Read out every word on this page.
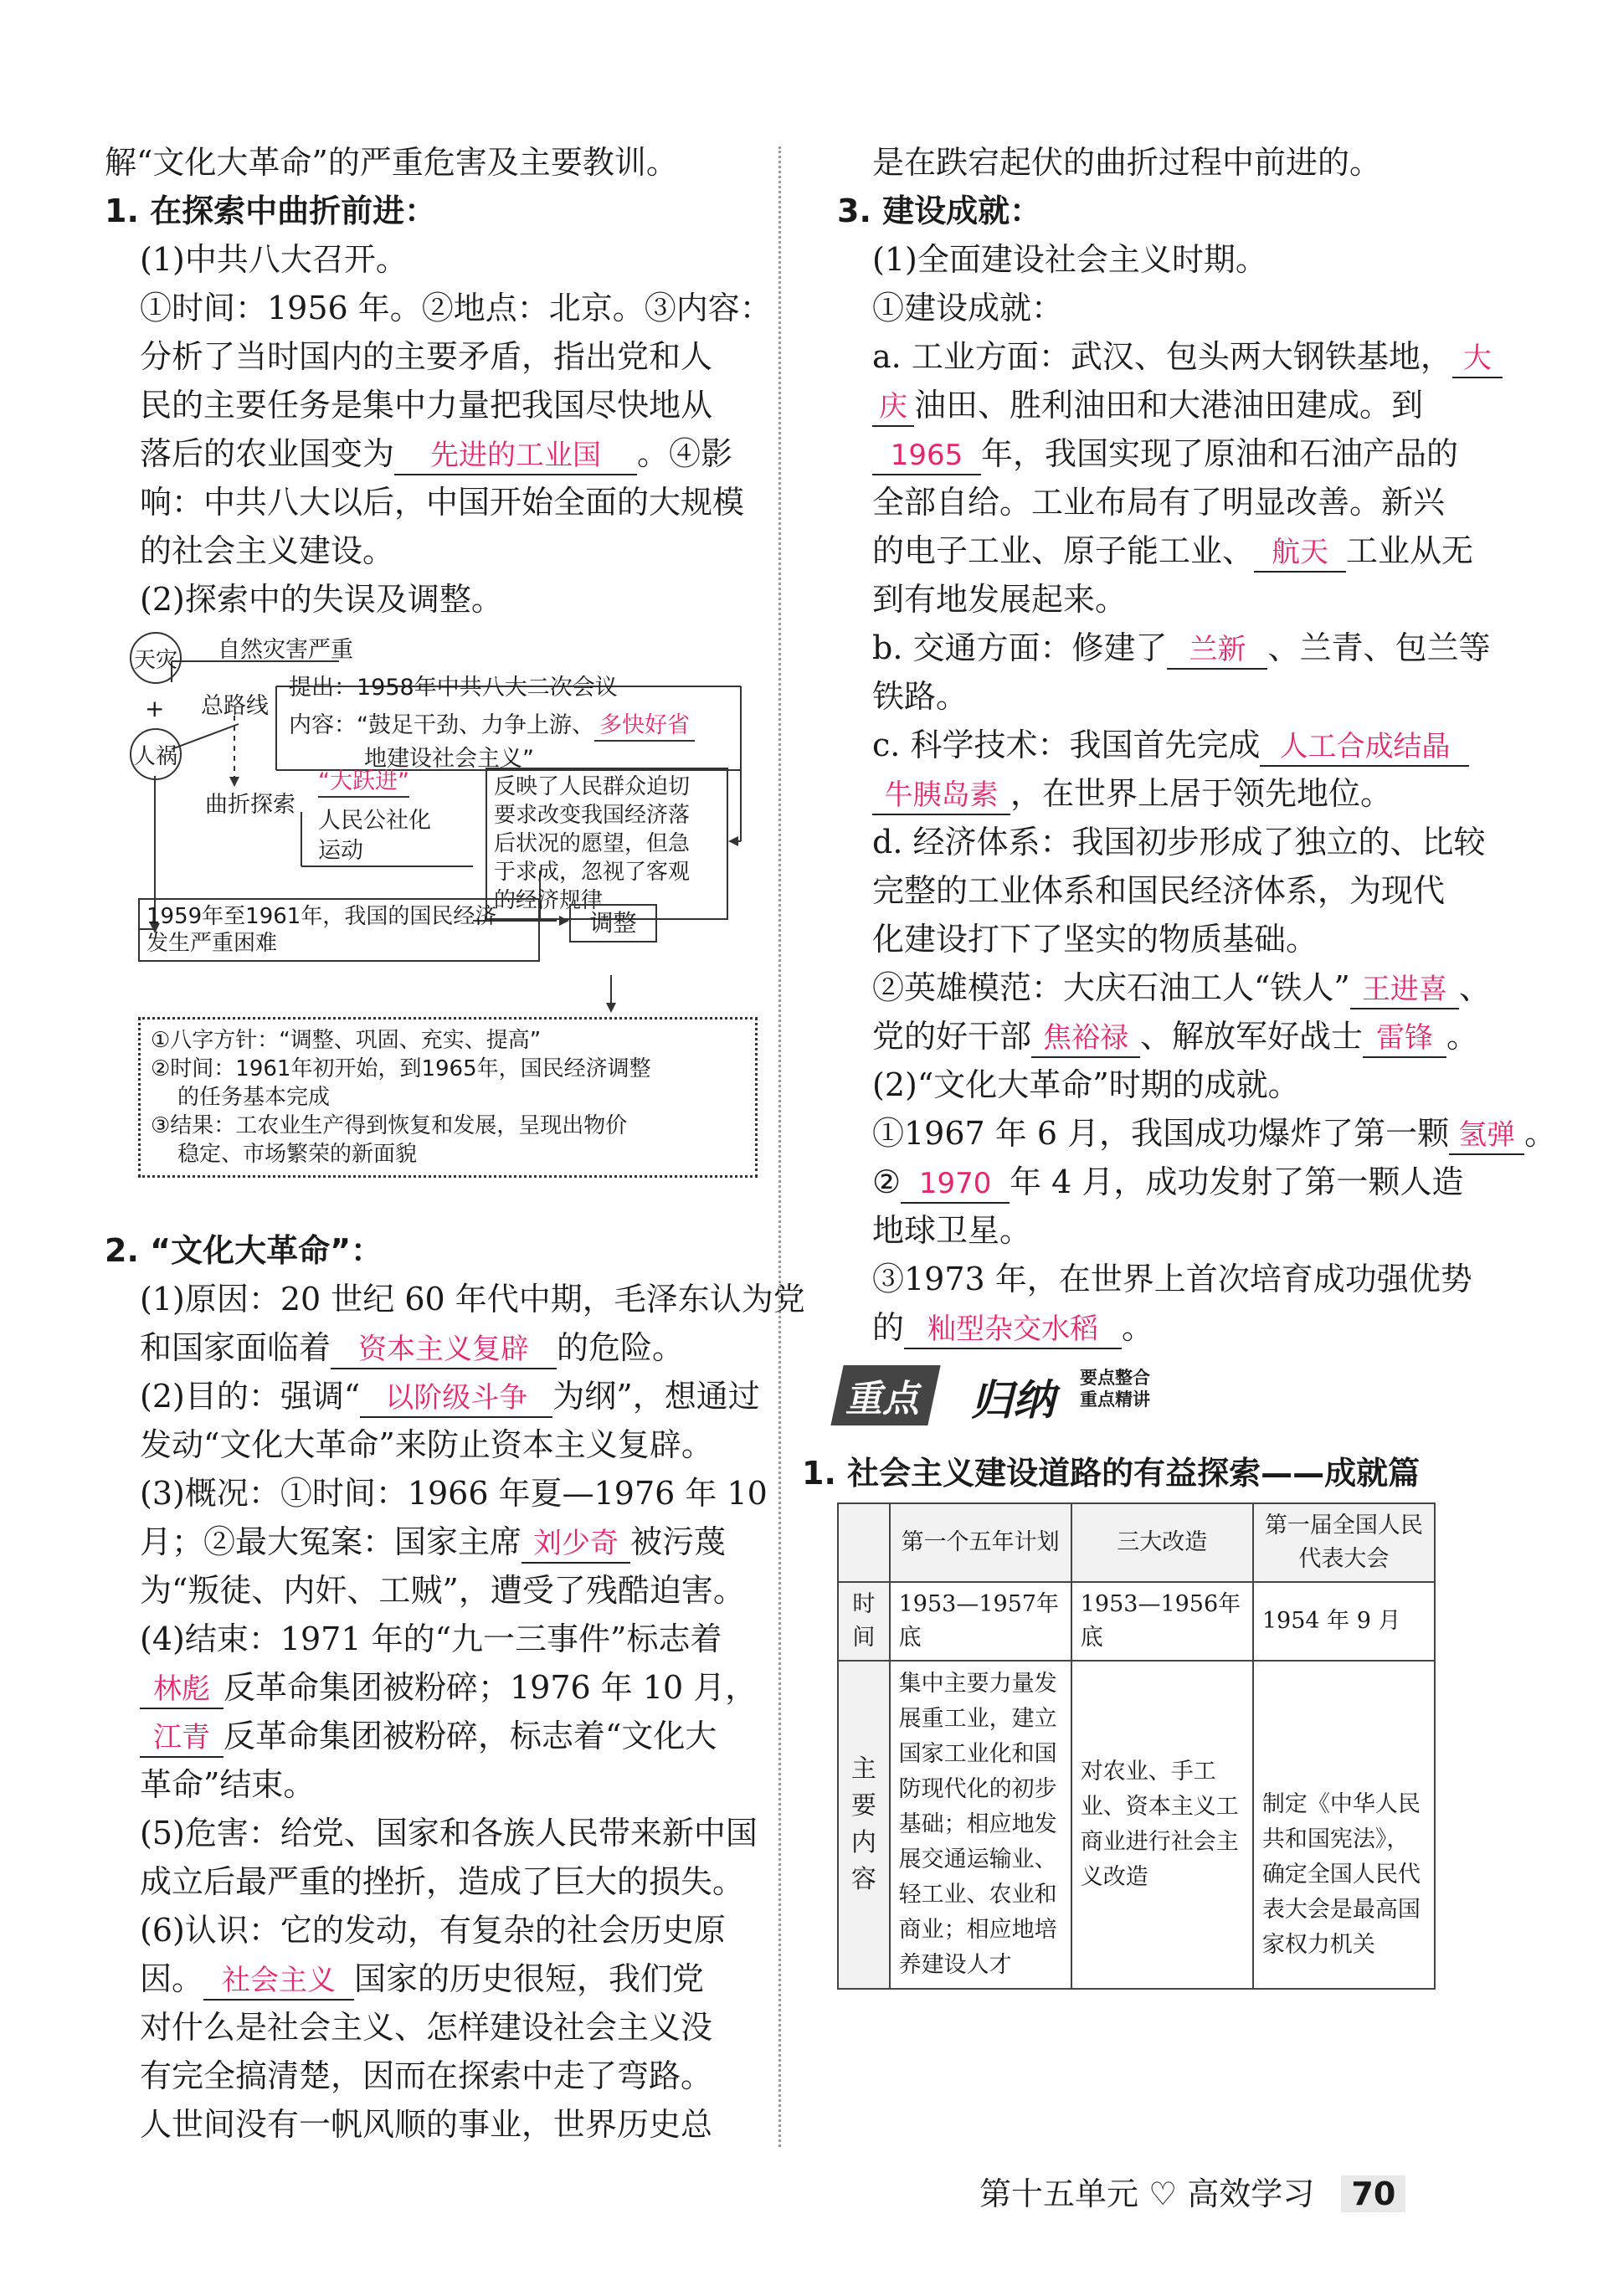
解“文化大革命”的严重危害及主要教训。
1. 在探索中曲折前进：
(1)中共八大召开。
①时间：1956 年。②地点：北京。③内容：
分析了当时国内的主要矛盾，指出党和人
民的主要任务是集中力量把我国尽快地从
落后的农业国变为 先进的工业国 。④影
响：中共八大以后，中国开始全面的大规模
的社会主义建设。
(2)探索中的失误及调整。
天灾
+
人祸
自然灾害严重
总路线
提出：1958年中共八大二次会议
内容：“鼓足干劲、力争上游、 多快好省
地建设社会主义”
曲折探索
“大跃进”
人民公社化
运动
反映了人民群众迫切
要求改变我国经济落
后状况的愿望，但急
于求成，忽视了客观
的经济规律
1959年至1961年，我国的国民经济
发生严重困难
调整
①八字方针：“调整、巩固、充实、提高”
②时间：1961年初开始，到1965年，国民经济调整
的任务基本完成
③结果：工农业生产得到恢复和发展，呈现出物价
稳定、市场繁荣的新面貌
2. “文化大革命”：
(1)原因：20 世纪 60 年代中期，毛泽东认为党
和国家面临着 资本主义复辟 的危险。
(2)目的：强调“ 以阶级斗争 为纲”，想通过
发动“文化大革命”来防止资本主义复辟。
(3)概况：①时间：1966 年夏—1976 年 10
月；②最大冤案：国家主席 刘少奇 被污蔑
为“叛徒、内奸、工贼”，遭受了残酷迫害。
(4)结束：1971 年的“九一三事件”标志着
林彪 反革命集团被粉碎；1976 年 10 月，
江青 反革命集团被粉碎，标志着“文化大
革命”结束。
(5)危害：给党、国家和各族人民带来新中国
成立后最严重的挫折，造成了巨大的损失。
(6)认识：它的发动，有复杂的社会历史原
因。 社会主义 国家的历史很短，我们党
对什么是社会主义、怎样建设社会主义没
有完全搞清楚，因而在探索中走了弯路。
人世间没有一帆风顺的事业，世界历史总
是在跌宕起伏的曲折过程中前进的。
3. 建设成就：
(1)全面建设社会主义时期。
①建设成就：
a. 工业方面：武汉、包头两大钢铁基地， 大
庆 油田、胜利油田和大港油田建成。到
1965 年，我国实现了原油和石油产品的
全部自给。工业布局有了明显改善。新兴
的电子工业、原子能工业、 航天 工业从无
到有地发展起来。
b. 交通方面：修建了 兰新 、兰青、包兰等
铁路。
c. 科学技术：我国首先完成 人工合成结晶
牛胰岛素 ，在世界上居于领先地位。
d. 经济体系：我国初步形成了独立的、比较
完整的工业体系和国民经济体系，为现代
化建设打下了坚实的物质基础。
②英雄模范：大庆石油工人“铁人” 王进喜 、
党的好干部 焦裕禄 、解放军好战士 雷锋 。
(2)“文化大革命”时期的成就。
①1967 年 6 月，我国成功爆炸了第一颗 氢弹 。
② 1970 年 4 月，成功发射了第一颗人造
地球卫星。
③1973 年，在世界上首次培育成功强优势
的 籼型杂交水稻 。
重点	归纳 要点整合
重点精讲
1. 社会主义建设道路的有益探索——成就篇
	第一个五年计划	三大改造	第一届全国人民代表大会
时间	1953—1957年底	1953—1956年底	1954 年 9 月
主要内容	集中主要力量发展重工业，建立国家工业化和国防现代化的初步基础；相应地发展交通运输业、轻工业、农业和商业；相应地培养建设人才	对农业、手工业、资本主义工商业进行社会主义改造	制定《中华人民共和国宪法》，确定全国人民代表大会是最高国家权力机关
第十五单元 ♡ 高效学习 70
